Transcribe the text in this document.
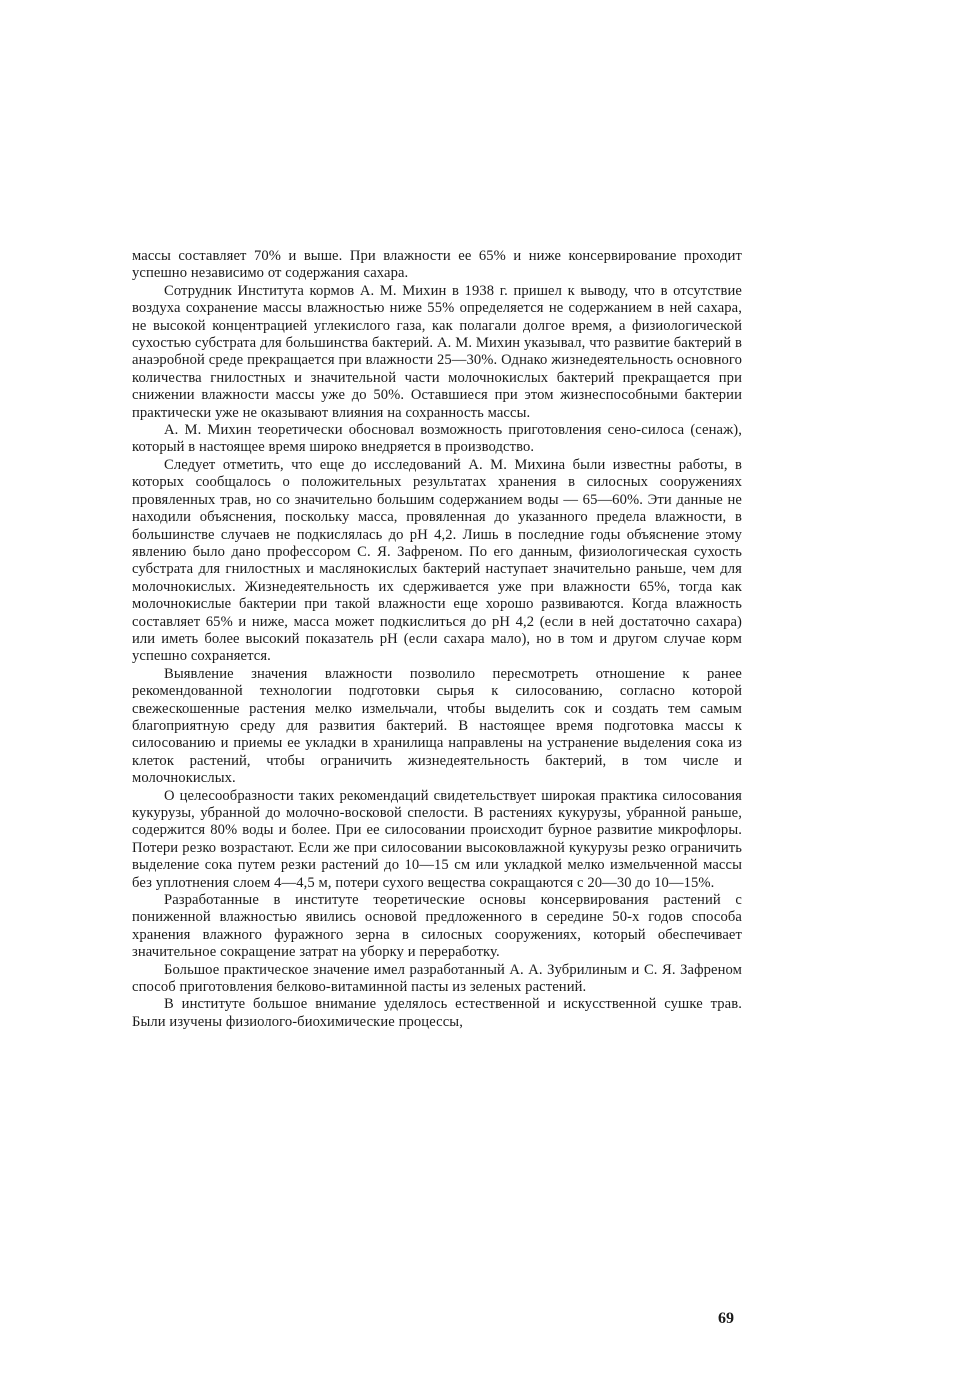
массы составляет 70% и выше. При влажности ее 65% и ниже консервирование проходит успешно независимо от содержания сахара.

Сотрудник Института кормов А. М. Михин в 1938 г. пришел к выводу, что в отсутствие воздуха сохранение массы влажностью ниже 55% определяется не содержанием в ней сахара, не высокой концентрацией углекислого газа, как полагали долгое время, а физиологической сухостью субстрата для большинства бактерий. А. М. Михин указывал, что развитие бактерий в анаэробной среде прекращается при влажности 25—30%. Однако жизнедеятельность основного количества гнилостных и значительной части молочнокислых бактерий прекращается при снижении влажности массы уже до 50%. Оставшиеся при этом жизнеспособными бактерии практически уже не оказывают влияния на сохранность массы.

А. М. Михин теоретически обосновал возможность приготовления сено-силоса (сенаж), который в настоящее время широко внедряется в производство.

Следует отметить, что еще до исследований А. М. Михина были известны работы, в которых сообщалось о положительных результатах хранения в силосных сооружениях провяленных трав, но со значительно большим содержанием воды — 65—60%. Эти данные не находили объяснения, поскольку масса, провяленная до указанного предела влажности, в большинстве случаев не подкислялась до pH 4,2. Лишь в последние годы объяснение этому явлению было дано профессором С. Я. Зафреном. По его данным, физиологическая сухость субстрата для гнилостных и маслянокислых бактерий наступает значительно раньше, чем для молочнокислых. Жизнедеятельность их сдерживается уже при влажности 65%, тогда как молочнокислые бактерии при такой влажности еще хорошо развиваются. Когда влажность составляет 65% и ниже, масса может подкислиться до pH 4,2 (если в ней достаточно сахара) или иметь более высокий показатель pH (если сахара мало), но в том и другом случае корм успешно сохраняется.

Выявление значения влажности позволило пересмотреть отношение к ранее рекомендованной технологии подготовки сырья к силосованию, согласно которой свежескошенные растения мелко измельчали, чтобы выделить сок и создать тем самым благоприятную среду для развития бактерий. В настоящее время подготовка массы к силосованию и приемы ее укладки в хранилища направлены на устранение выделения сока из клеток растений, чтобы ограничить жизнедеятельность бактерий, в том числе и молочнокислых.

О целесообразности таких рекомендаций свидетельствует широкая практика силосования кукурузы, убранной до молочно-восковой спелости. В растениях кукурузы, убранной раньше, содержится 80% воды и более. При ее силосовании происходит бурное развитие микрофлоры. Потери резко возрастают. Если же при силосовании высоковлажной кукурузы резко ограничить выделение сока путем резки растений до 10—15 см или укладкой мелко измельченной массы без уплотнения слоем 4—4,5 м, потери сухого вещества сокращаются с 20—30 до 10—15%.

Разработанные в институте теоретические основы консервирования растений с пониженной влажностью явились основой предложенного в середине 50-х годов способа хранения влажного фуражного зерна в силосных сооружениях, который обеспечивает значительное сокращение затрат на уборку и переработку.

Большое практическое значение имел разработанный А. А. Зубрилиным и С. Я. Зафреном способ приготовления белково-витаминной пасты из зеленых растений.

В институте большое внимание уделялось естественной и искусственной сушке трав. Были изучены физиолого-биохимические процессы,

69
